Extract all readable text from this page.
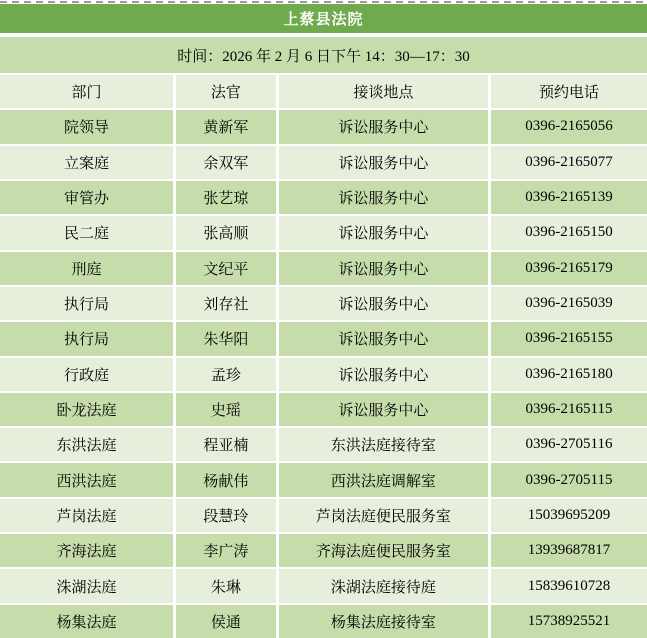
上蔡县法院
时间：2026 年 2 月 6 日下午 14：30—17：30
部门	法官	接谈地点	预约电话
院领导	黄新军	诉讼服务中心	0396-2165056
立案庭	余双军	诉讼服务中心	0396-2165077
审管办	张艺琼	诉讼服务中心	0396-2165139
民二庭	张高顺	诉讼服务中心	0396-2165150
刑庭	文纪平	诉讼服务中心	0396-2165179
执行局	刘存社	诉讼服务中心	0396-2165039
执行局	朱华阳	诉讼服务中心	0396-2165155
行政庭	孟珍	诉讼服务中心	0396-2165180
卧龙法庭	史瑶	诉讼服务中心	0396-2165115
东洪法庭	程亚楠	东洪法庭接待室	0396-2705116
西洪法庭	杨献伟	西洪法庭调解室	0396-2705115
芦岗法庭	段慧玲	芦岗法庭便民服务室	15039695209
齐海法庭	李广涛	齐海法庭便民服务室	13939687817
洙湖法庭	朱琳	洙湖法庭接待庭	15839610728
杨集法庭	侯通	杨集法庭接待室	15738925521
